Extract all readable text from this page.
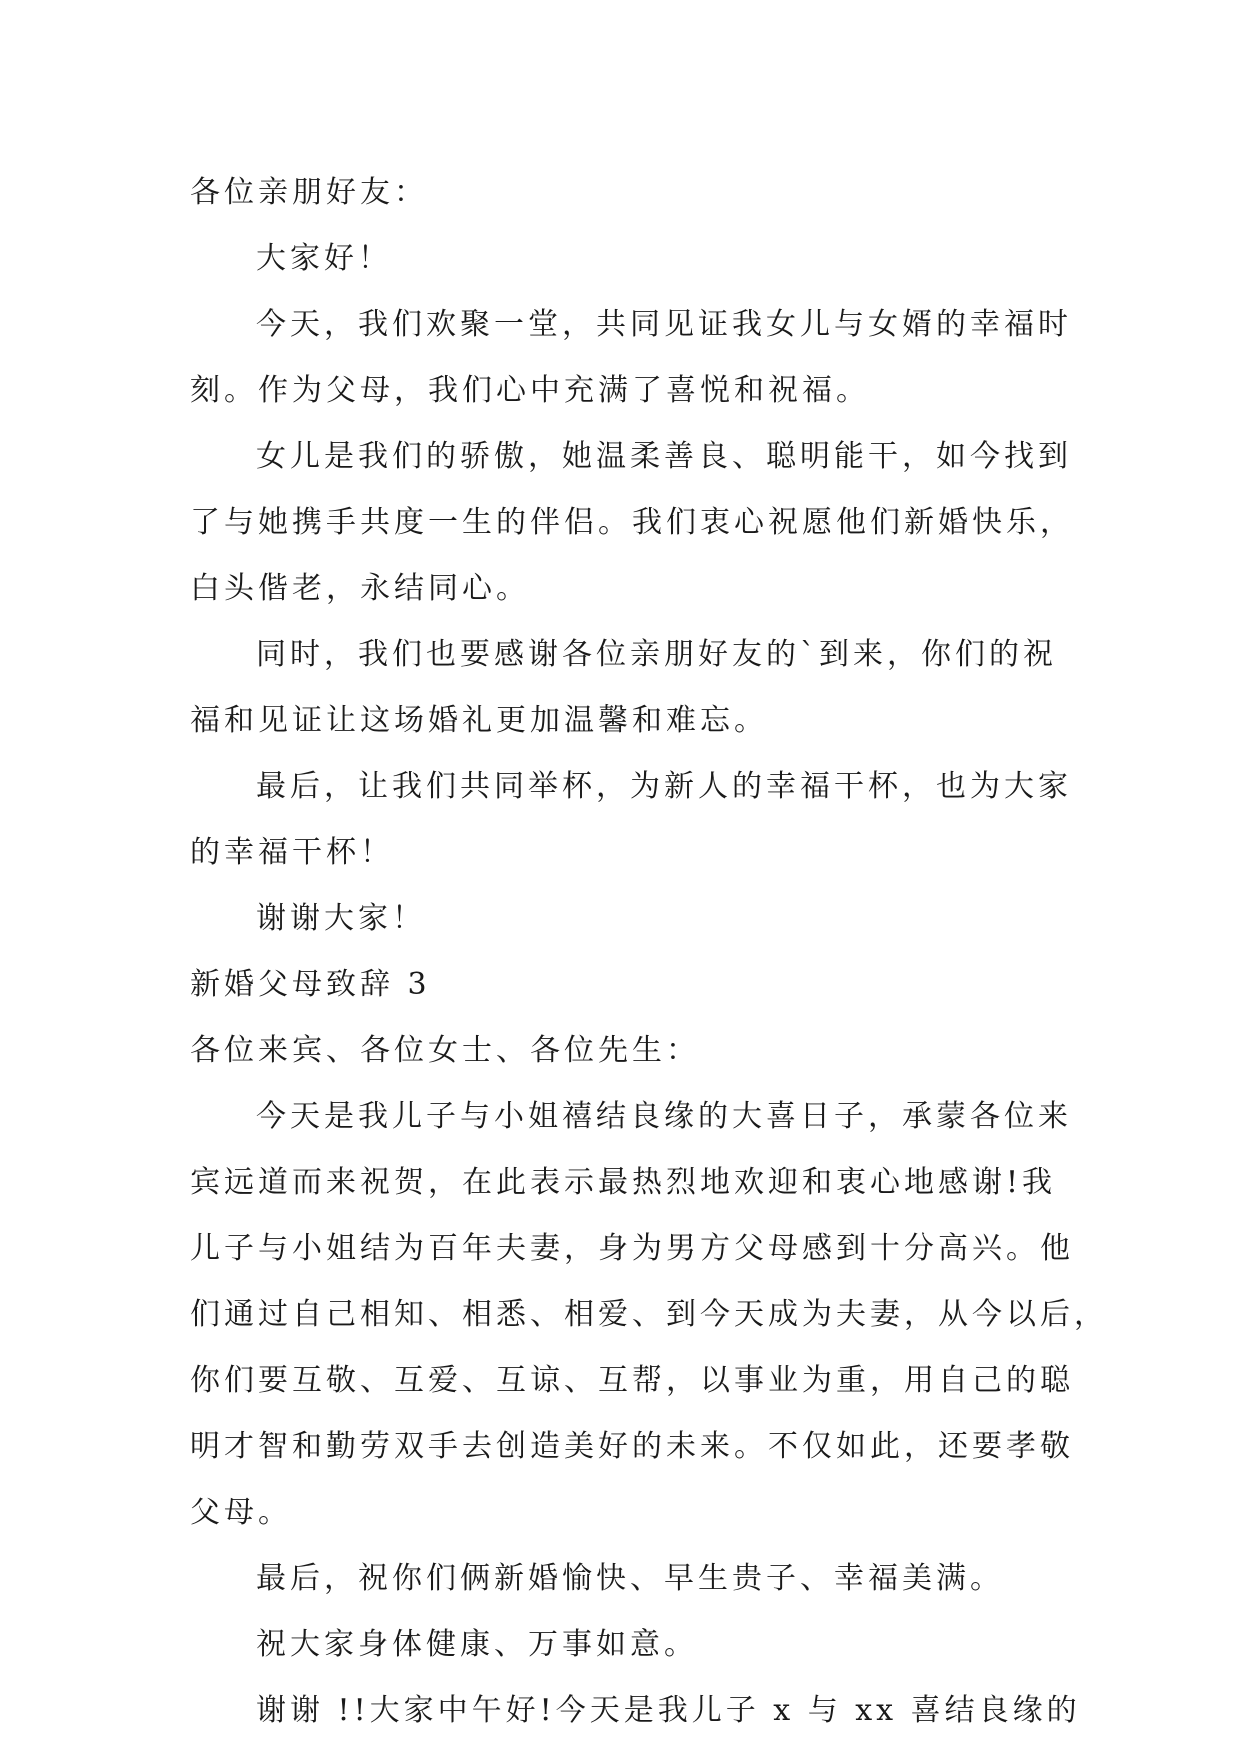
各位亲朋好友：
大家好！
今天，我们欢聚一堂，共同见证我女儿与女婿的幸福时
刻。作为父母，我们心中充满了喜悦和祝福。
女儿是我们的骄傲，她温柔善良、聪明能干，如今找到
了与她携手共度一生的伴侣。我们衷心祝愿他们新婚快乐，
白头偕老，永结同心。
同时，我们也要感谢各位亲朋好友的`到来，你们的祝
福和见证让这场婚礼更加温馨和难忘。
最后，让我们共同举杯，为新人的幸福干杯，也为大家
的幸福干杯！
谢谢大家！
新婚父母致辞 3
各位来宾、各位女士、各位先生：
今天是我儿子与小姐禧结良缘的大喜日子，承蒙各位来
宾远道而来祝贺，在此表示最热烈地欢迎和衷心地感谢!我
儿子与小姐结为百年夫妻，身为男方父母感到十分高兴。他
们通过自己相知、相悉、相爱、到今天成为夫妻，从今以后，
你们要互敬、互爱、互谅、互帮，以事业为重，用自己的聪
明才智和勤劳双手去创造美好的未来。不仅如此，还要孝敬
父母。
最后，祝你们俩新婚愉快、早生贵子、幸福美满。
祝大家身体健康、万事如意。
谢谢 !!大家中午好!今天是我儿子 x 与 xx 喜结良缘的
